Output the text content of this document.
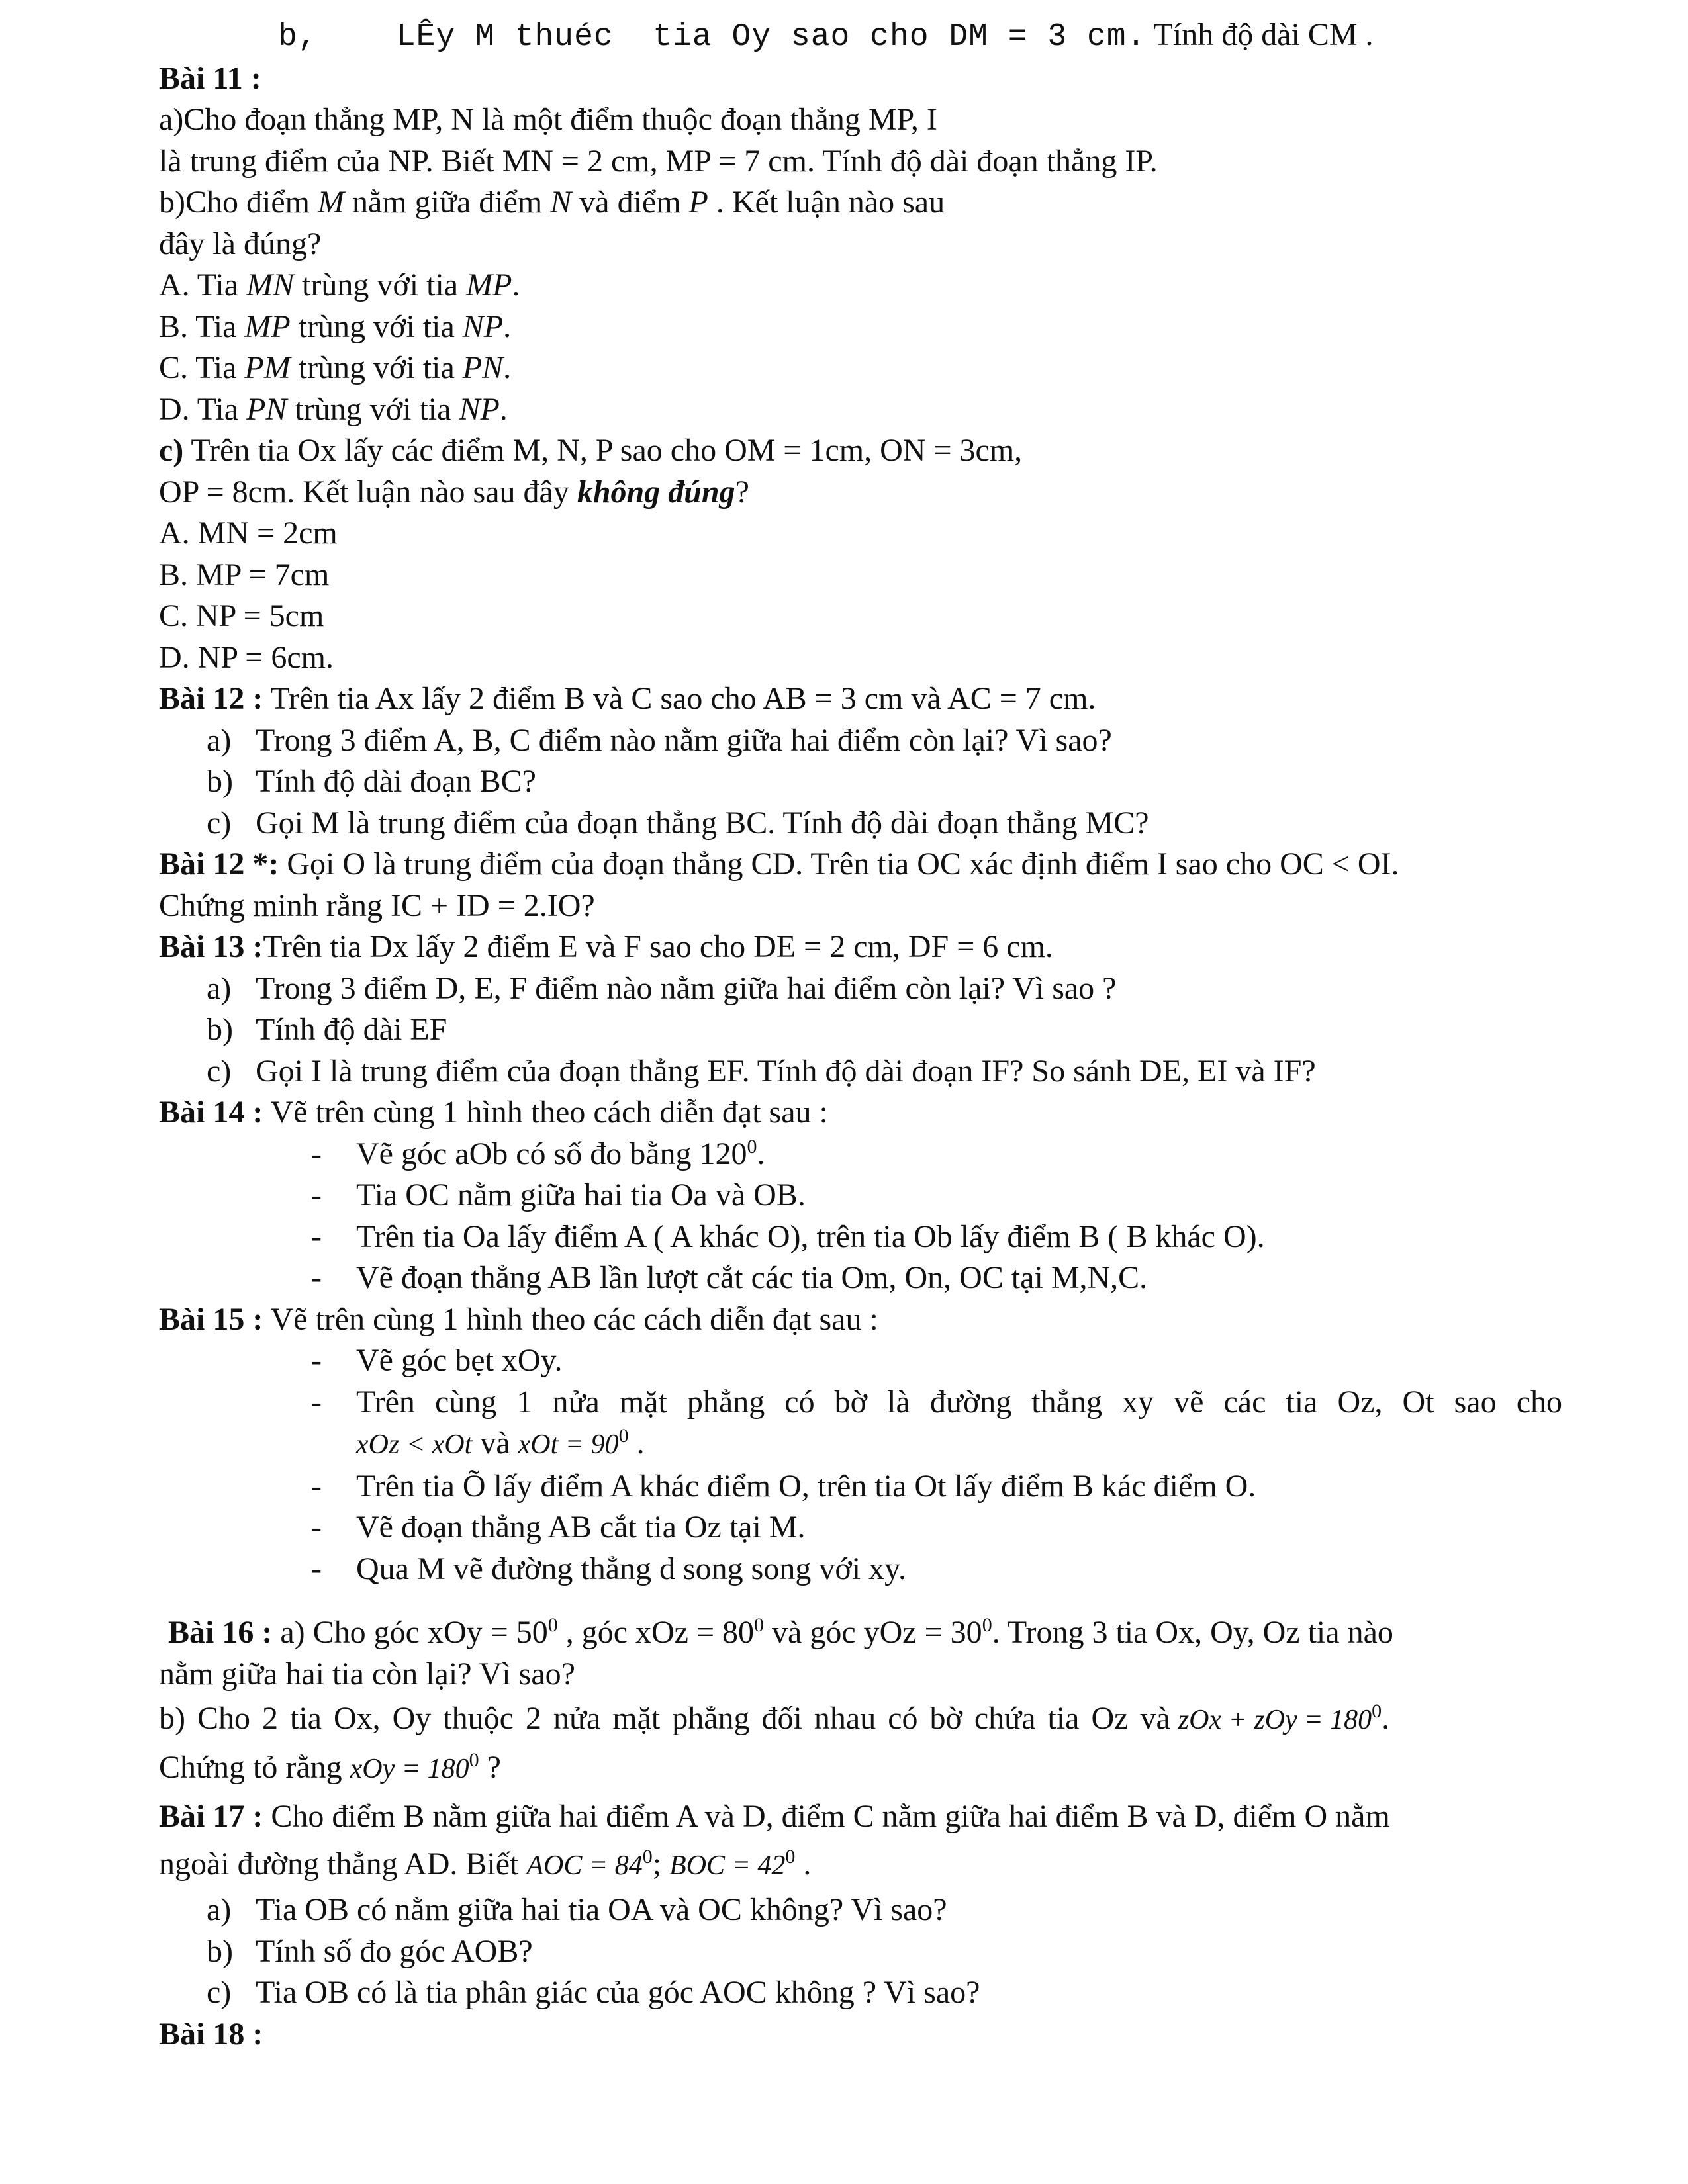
b,    LÊy M thuéc  tia Oy sao cho DM = 3 cm. Tính độ dài CM .

Bài 11 :

a)Cho đoạn thẳng MP, N là một điểm thuộc đoạn thẳng MP, I

là trung điểm của NP. Biết MN = 2 cm, MP = 7 cm. Tính độ dài đoạn thẳng IP.

b)Cho điểm M nằm giữa điểm N và điểm P . Kết luận nào sau

đây là đúng?

A. Tia MN trùng với tia MP.

B. Tia MP trùng với tia NP.

C. Tia PM trùng với tia PN.

D. Tia PN trùng với tia NP.

c) Trên tia Ox lấy các điểm M, N, P sao cho OM = 1cm, ON = 3cm,

OP = 8cm. Kết luận nào sau đây không đúng?

A. MN = 2cm

B. MP = 7cm

C. NP = 5cm

D. NP = 6cm.

Bài 12 : Trên tia Ax lấy 2 điểm B và C sao cho AB = 3 cm và AC = 7 cm.

a) Trong 3 điểm A, B, C điểm nào nằm giữa hai điểm còn lại? Vì sao?

b) Tính độ dài đoạn BC?

c) Gọi M là trung điểm của đoạn thẳng BC. Tính độ dài đoạn thẳng MC?

Bài 12 *: Gọi O là trung điểm của đoạn thẳng CD. Trên tia OC xác định điểm I sao cho OC < OI.

Chứng minh rằng IC + ID = 2.IO?

Bài 13 :Trên tia Dx lấy 2 điểm E và F sao cho DE = 2 cm, DF = 6 cm.

a) Trong 3 điểm D, E, F điểm nào nằm giữa hai điểm còn lại? Vì sao ?

b) Tính độ dài EF

c) Gọi I là trung điểm của đoạn thẳng EF. Tính độ dài đoạn IF? So sánh DE, EI và IF?

Bài 14 : Vẽ trên cùng 1 hình theo cách diễn đạt sau :

- Vẽ góc aOb có số đo bằng $120^0$.

- Tia OC nằm giữa hai tia Oa và OB.

- Trên tia Oa lấy điểm A ( A khác O), trên tia Ob lấy điểm B ( B khác O).

- Vẽ đoạn thẳng AB lần lượt cắt các tia Om, On, OC tại M,N,C.

Bài 15 : Vẽ trên cùng 1 hình theo các cách diễn đạt sau :

- Vẽ góc bẹt xOy.

- Trên cùng 1 nửa mặt phẳng có bờ là đường thẳng xy vẽ các tia Oz, Ot sao cho

xOz < xOt và xOt = $90^0$ .

- Trên tia Õ lấy điểm A khác điểm O, trên tia Ot lấy điểm B kác điểm O.

- Vẽ đoạn thẳng AB cắt tia Oz tại M.

- Qua M vẽ đường thẳng d song song với xy.

Bài 16 : a) Cho góc xOy = $50^0$ , góc xOz = $80^0$ và góc yOz = $30^0$. Trong 3 tia Ox, Oy, Oz tia nào

nằm giữa hai tia còn lại? Vì sao?

b) Cho 2 tia Ox, Oy thuộc 2 nửa mặt phẳng đối nhau có bờ chứa tia Oz và zOx + zOy = $180^0$.

Chứng tỏ rằng xOy = $180^0$ ?

Bài 17 : Cho điểm B nằm giữa hai điểm A và D, điểm C nằm giữa hai điểm B và D, điểm O nằm

ngoài đường thẳng AD. Biết AOC = $84^0$; BOC = $42^0$ .

a) Tia OB có nằm giữa hai tia OA và OC không? Vì sao?

b) Tính số đo góc AOB?

c) Tia OB có là tia phân giác của góc AOC không ? Vì sao?

Bài 18 :
